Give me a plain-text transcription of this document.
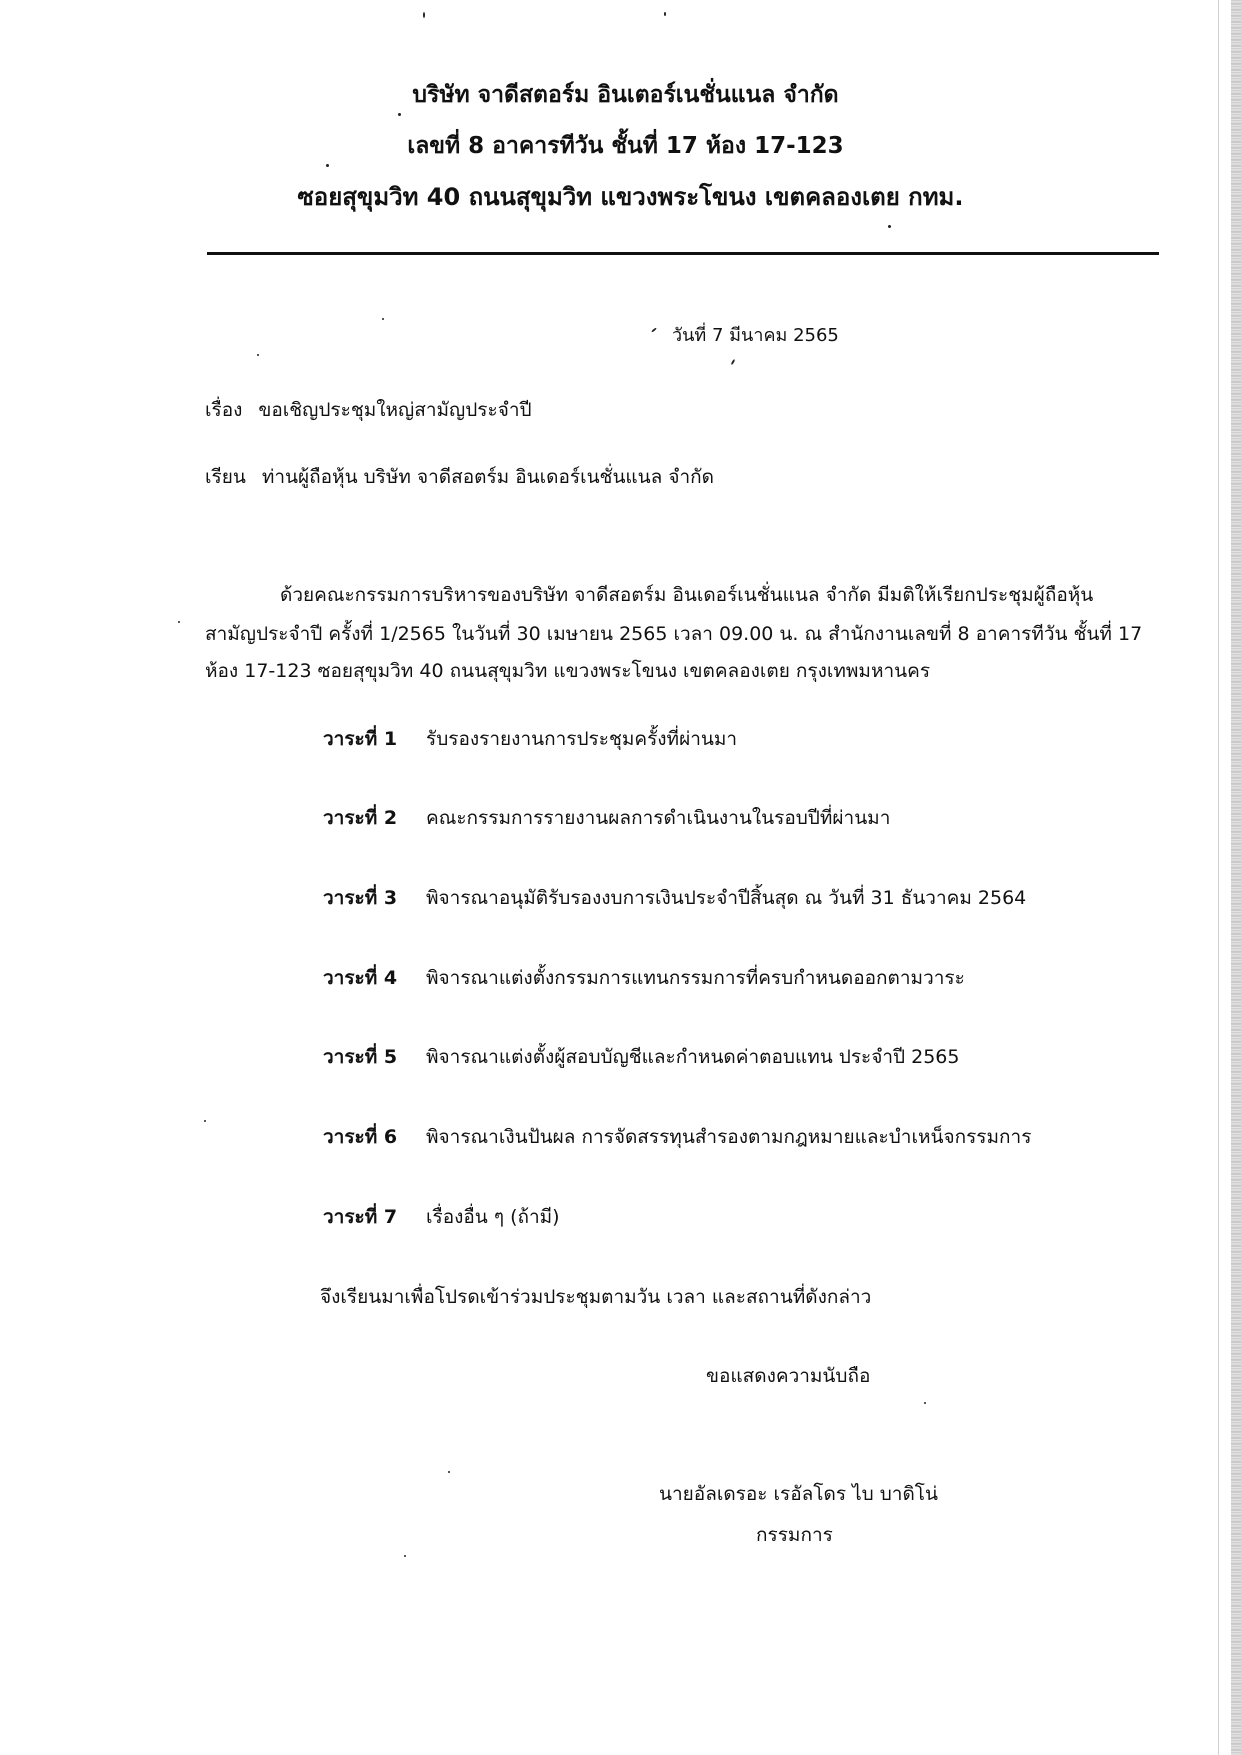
บริษัท จาดีสตอร์ม อินเตอร์เนชั่นแนล จำกัด
เลขที่ 8 อาคารทีวัน ชั้นที่ 17 ห้อง 17-123
ซอยสุขุมวิท 40 ถนนสุขุมวิท แขวงพระโขนง เขตคลองเตย กทม.
วันที่ 7 มีนาคม 2565
เรื่อง ขอเชิญประชุมใหญ่สามัญประจำปี
เรียน ท่านผู้ถือหุ้น บริษัท จาดีสอตร์ม อินเดอร์เนชั่นแนล จำกัด
ด้วยคณะกรรมการบริหารของบริษัท จาดีสอตร์ม อินเดอร์เนชั่นแนล จำกัด มีมติให้เรียกประชุมผู้ถือหุ้น
สามัญประจำปี ครั้งที่ 1/2565 ในวันที่ 30 เมษายน 2565 เวลา 09.00 น. ณ สำนักงานเลขที่ 8 อาคารทีวัน ชั้นที่ 17
ห้อง 17-123 ซอยสุขุมวิท 40 ถนนสุขุมวิท แขวงพระโขนง เขตคลองเตย กรุงเทพมหานคร
วาระที่ 1 รับรองรายงานการประชุมครั้งที่ผ่านมา
วาระที่ 2 คณะกรรมการรายงานผลการดำเนินงานในรอบปีที่ผ่านมา
วาระที่ 3 พิจารณาอนุมัติรับรองงบการเงินประจำปีสิ้นสุด ณ วันที่ 31 ธันวาคม 2564
วาระที่ 4 พิจารณาแต่งตั้งกรรมการแทนกรรมการที่ครบกำหนดออกตามวาระ
วาระที่ 5 พิจารณาแต่งตั้งผู้สอบบัญชีและกำหนดค่าตอบแทน ประจำปี 2565
วาระที่ 6 พิจารณาเงินปันผล การจัดสรรทุนสำรองตามกฎหมายและบำเหน็จกรรมการ
วาระที่ 7 เรื่องอื่น ๆ (ถ้ามี)
จึงเรียนมาเพื่อโปรดเข้าร่วมประชุมตามวัน เวลา และสถานที่ดังกล่าว
ขอแสดงความนับถือ
นายอัลเดรอะ เรอัลโดร ไบ บาดิโน่
กรรมการ
